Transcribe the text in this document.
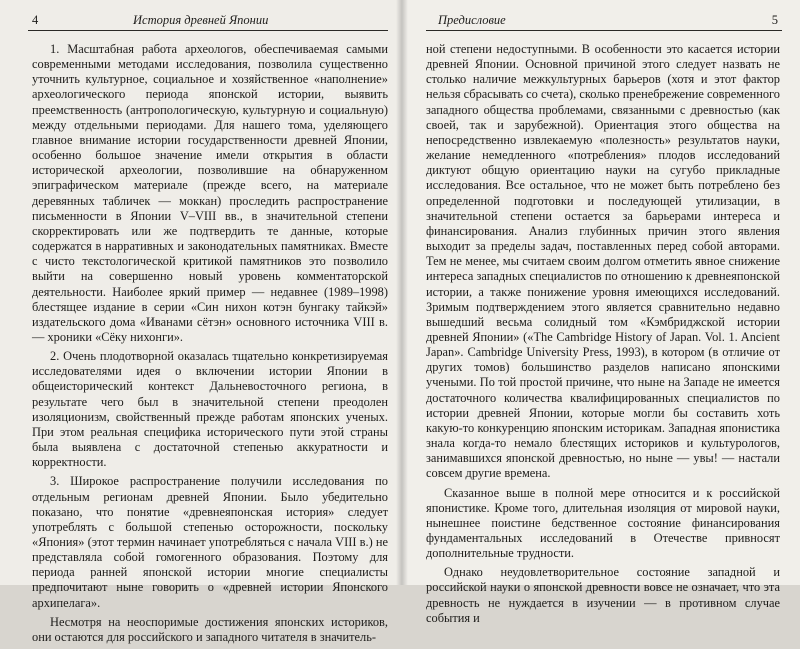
4	История древней Японии

1. Масштабная работа археологов, обеспечиваемая самыми современными методами исследования, позволила существенно уточнить культурное, социальное и хозяйственное «наполнение» археологического периода японской истории, выявить преемственность (антропологическую, культурную и социальную) между отдельными периодами. Для нашего тома, уделяющего главное внимание истории государственности древней Японии, особенно большое значение имели открытия в области исторической археологии, позволившие на обнаруженном эпиграфическом материале (прежде всего, на материале деревянных табличек — моккан) проследить распространение письменности в Японии V–VIII вв., в значительной степени скорректировать или же подтвердить те данные, которые содержатся в нарративных и законодательных памятниках. Вместе с чисто текстологической критикой памятников это позволило выйти на совершенно новый уровень комментаторской деятельности. Наиболее яркий пример — недавнее (1989–1998) блестящее издание в серии «Син нихон котэн бунгаку тайкэй» издательского дома «Иванами сётэн» основного источника VIII в. — хроники «Сёку нихонги».

2. Очень плодотворной оказалась тщательно конкретизируемая исследователями идея о включении истории Японии в общеисторический контекст Дальневосточного региона, в результате чего был в значительной степени преодолен изоляционизм, свойственный прежде работам японских ученых. При этом реальная специфика исторического пути этой страны была выявлена с достаточной степенью аккуратности и корректности.

3. Широкое распространение получили исследования по отдельным регионам древней Японии. Было убедительно показано, что понятие «древнеяпонская история» следует употреблять с большой степенью осторожности, поскольку «Япония» (этот термин начинает употребляться с начала VIII в.) не представляла собой гомогенного образования. Поэтому для периода ранней японской истории многие специалисты предпочитают ныне говорить о «древней истории Японского архипелага».

Несмотря на неоспоримые достижения японских историков, они остаются для российского и западного читателя в значитель-

Предисловие	5

ной степени недоступными. В особенности это касается истории древней Японии. Основной причиной этого следует назвать не столько наличие межкультурных барьеров (хотя и этот фактор нельзя сбрасывать со счета), сколько пренебрежение современного западного общества проблемами, связанными с древностью (как своей, так и зарубежной). Ориентация этого общества на непосредственно извлекаемую «полезность» результатов науки, желание немедленного «потребления» плодов исследований диктуют общую ориентацию науки на сугубо прикладные исследования. Все остальное, что не может быть потреблено без определенной подготовки и последующей утилизации, в значительной степени остается за барьерами интереса и финансирования. Анализ глубинных причин этого явления выходит за пределы задач, поставленных перед собой авторами. Тем не менее, мы считаем своим долгом отметить явное снижение интереса западных специалистов по отношению к древнеяпонской истории, а также понижение уровня имеющихся исследований. Зримым подтверждением этого является сравнительно недавно вышедший весьма солидный том «Кэмбриджской истории древней Японии» («The Cambridge History of Japan. Vol. 1. Ancient Japan». Cambridge University Press, 1993), в котором (в отличие от других томов) большинство разделов написано японскими учеными. По той простой причине, что ныне на Западе не имеется достаточного количества квалифицированных специалистов по истории древней Японии, которые могли бы составить хоть какую-то конкуренцию японским историкам. Западная японистика знала когда-то немало блестящих историков и культурологов, занимавшихся японской древностью, но ныне — увы! — настали совсем другие времена.

Сказанное выше в полной мере относится и к российской японистике. Кроме того, длительная изоляция от мировой науки, нынешнее поистине бедственное состояние финансирования фундаментальных исследований в Отечестве привносят дополнительные трудности.

Однако неудовлетворительное состояние западной и российской науки о японской древности вовсе не означает, что эта древность не нуждается в изучении — в противном случае события и
